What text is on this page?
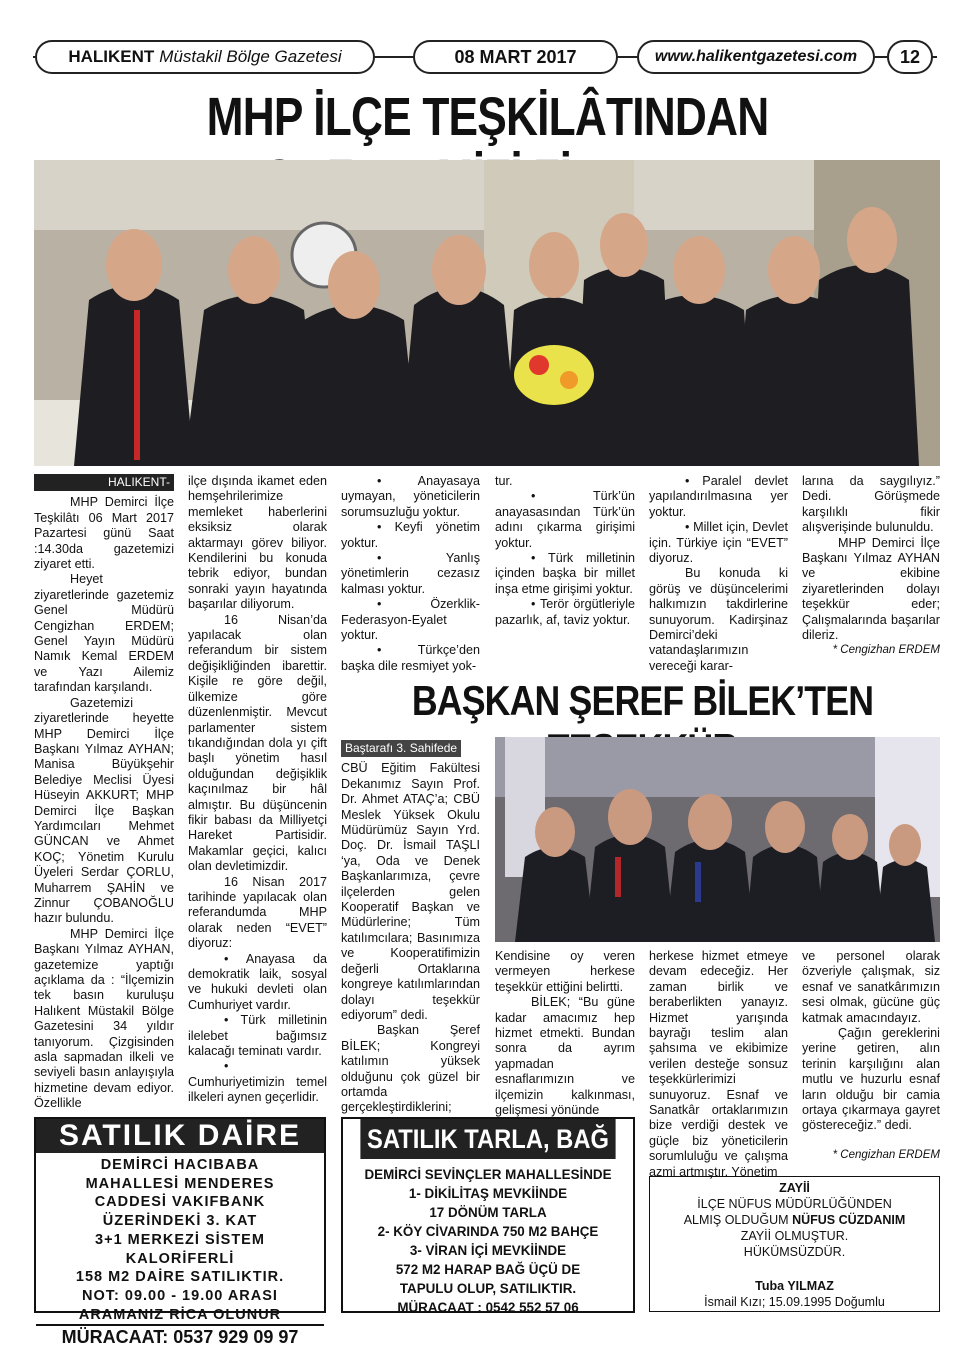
HALIKENT Müstakil Bölge Gazetesi	08 MART 2017	www.halikentgazetesi.com	12
MHP İLÇE TEŞKİLÂTINDAN
HALIKENT-

MHP Demirci İlçe Teşkilâtı 06 Mart 2017 Pazartesi günü Saat :14.30da gazetemizi ziyaret etti.

Heyet ziyaretlerinde gazetemiz Genel Müdürü Cengizhan ERDEM; Genel Yayın Müdürü Namık Kemal ERDEM ve Yazı Ailemiz tarafından karşılandı.

Gazetemizi ziyaretlerinde heyette MHP Demirci İlçe Başkanı Yılmaz AYHAN; Manisa Büyükşehir Belediye Meclisi Üyesi Hüseyin AKKURT; MHP Demirci İlçe Başkan Yardımcıları Mehmet GÜNCAN ve Ahmet KOÇ; Yönetim Kurulu Üyeleri Serdar ÇORLU, Muharrem ŞAHİN ve Zinnur ÇOBANOĞLU hazır bulundu.

MHP Demirci İlçe Başkanı Yılmaz AYHAN, gazetemize yaptığı açıklama da : “İlçemizin tek basın kuruluşu Halıkent Müstakil Bölge Gazetesini 34 yıldır tanıyorum. Çizgisinden asla sapmadan ilkeli ve seviyeli basın anlayışıyla hizmetine devam ediyor. Özellikle

ilçe dışında ikamet eden hemşehrilerimize memleket haberlerini eksiksiz olarak aktarmayı görev biliyor. Kendilerini bu konuda tebrik ediyor, bundan sonraki yayın hayatında başarılar diliyorum.

16 Nisan’da yapılacak olan referandum bir sistem değişikliğinden ibarettir. Kişile re göre değil, ülkemize göre düzenlenmiştir. Mevcut parlamenter sistem tıkandığından dola yı çift başlı yönetim hasıl olduğundan değişiklik kaçınılmaz bir hâl almıştır. Bu düşüncenin fikir babası da Milliyetçi Hareket Partisidir. Makamlar geçici, kalıcı olan devletimizdir.

16 Nisan 2017 tarihinde yapılacak olan referandumda MHP olarak neden “EVET” diyoruz:

• Anayasa da demokratik laik, sosyal ve hukuki devleti olan Cumhuriyet vardır.

• Türk milletinin ilelebet bağımsız kalacağı teminatı vardır.

• Cumhuriyetimizin temel ilkeleri aynen geçerlidir.

• Anayasaya uymayan, yöneticilerin sorumsuzluğu yoktur.

• Keyfi yönetim yoktur.

• Yanlış yönetimlerin cezasız kalması yoktur.

• Özerklik-Federasyon-Eyalet yoktur.

• Türkçe’den başka dile resmiyet yok-

tur.

• Türk’ün anayasasından Türk’ün adını çıkarma girişimi yoktur.

• Türk milletinin içinden başka bir millet inşa etme girişimi yoktur.

• Terör örgütleriyle pazarlık, af, taviz yoktur.

• Paralel devlet yapılandırılmasına yer yoktur.

• Millet için, Devlet için. Türkiye için “EVET” diyoruz.

Bu konuda ki görüş ve düşüncelerimi halkımızın takdirlerine sunuyorum. Kadirşinaz Demirci’deki vatandaşlarımızın vereceği karar-

larına da saygılıyız.” Dedi. Görüşmede karşılıklı fikir alışverişinde bulunuldu.

MHP Demirci İlçe Başkanı Yılmaz AYHAN ve ekibine ziyaretlerinden dolayı teşekkür eder; Çalışmalarında başarılar dileriz.

* Cengizhan ERDEM

BAŞKAN ŞEREF BİLEK’TEN
Baştarafı 3. Sahifede

CBÜ Eğitim Fakültesi Dekanımız Sayın Prof. Dr. Ahmet ATAÇ’a; CBÜ Meslek Yüksek Okulu Müdürümüz Sayın Yrd. Doç. Dr. İsmail TAŞLI ‘ya, Oda ve Denek Başkanlarımıza, çevre ilçelerden gelen Kooperatif Başkan ve Müdürlerine; Tüm katılımcılara; Basınımıza ve Kooperatifimizin değerli Ortaklarına kongreye katılımlarından dolayı teşekkür ediyorum” dedi.

Başkan Şeref BİLEK; Kongreyi katılımın yüksek olduğunu çok güzel bir ortamda gerçekleştirdiklerini;

Kendisine oy veren vermeyen herkese teşekkür ettiğini belirtti.

BİLEK; “Bu güne kadar amacımız hep hizmet etmekti. Bundan sonra da ayrım yapmadan esnaflarımızın ve ilçemizin kalkınması, gelişmesi yönünde

herkese hizmet etmeye devam edeceğiz. Her zaman birlik ve beraberlikten yanayız. Hizmet yarışında bayrağı teslim alan şahsıma ve ekibimize verilen desteğe sonsuz teşekkürlerimizi sunuyoruz. Esnaf ve Sanatkâr ortaklarımızın bize verdiği destek ve güçle biz yöneticilerin sorumluluğu ve çalışma azmi artmıştır. Yönetim

ve personel olarak özveriyle çalışmak, siz esnaf ve sanatkârımızın sesi olmak, gücüne güç katmak amacındayız.

Çağın gereklerini yerine getiren, alın terinin karşılığını alan mutlu ve huzurlu esnaf ların olduğu bir camia ortaya çıkarmaya gayret göstereceğiz.” dedi.

* Cengizhan ERDEM

SATILIK DAİRE
DEMİRCİ HACIBABA
MAHALLESİ MENDERES
CADDESİ VAKIFBANK
ÜZERİNDEKİ 3. KAT
3+1 MERKEZİ SİSTEM
KALORİFERLİ
158 M2 DAİRE SATILIKTIR.
NOT: 09.00 - 19.00 ARASI
ARAMANIZ RİCA OLUNUR
MÜRACAAT: 0537 929 09 97
SATILIK TARLA, BAĞ
DEMİRCİ SEVİNÇLER MAHALLESİNDE
1- DİKİLİTAŞ MEVKİİNDE
17 DÖNÜM TARLA
2- KÖY CİVARINDA 750 M2 BAHÇE
3- VİRAN İÇİ MEVKİİNDE
572 M2 HARAP BAĞ ÜÇÜ DE
TAPULU OLUP, SATILIKTIR.
MÜRACAAT : 0542 552 57 06
ZAYİİ
İLÇE NÜFUS MÜDÜRLÜĞÜNDEN
ALMIŞ OLDUĞUM NÜFUS CÜZDANIM
ZAYİİ OLMUŞTUR.
HÜKÜMSÜZDÜR.
Tuba YILMAZ
İsmail Kızı; 15.09.1995 Doğumlu
